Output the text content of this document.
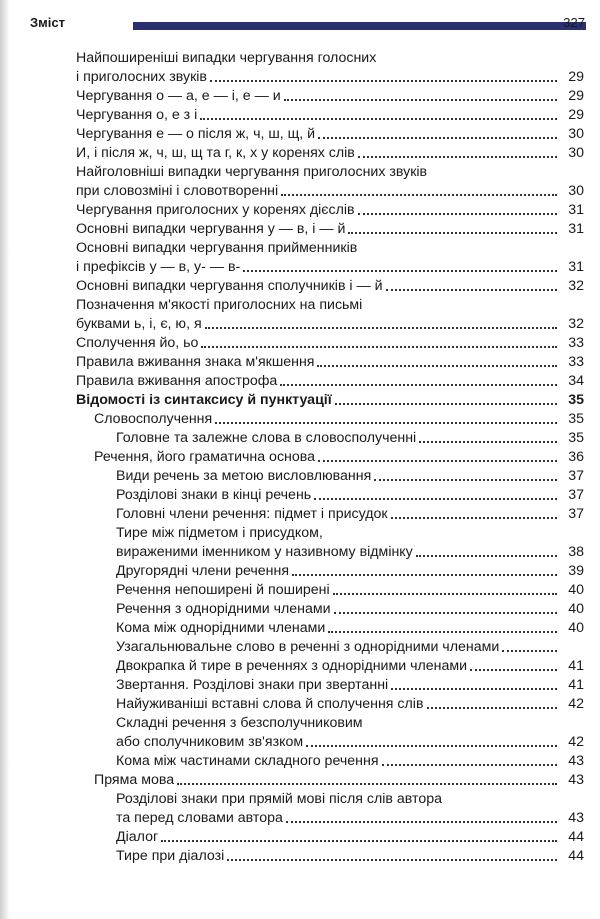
Зміст	327
Найпоширеніші випадки чергування голосних
і приголосних звуків	29
Чергування о — а, е — і, е — и	29
Чергування о, е з і	29
Чергування е — о після ж, ч, ш, щ, й	30
И, і після ж, ч, ш, щ та г, к, х у коренях слів	30
Найголовніші випадки чергування приголосних звуків
при словозміні і словотворенні	30
Чергування приголосних у коренях дієслів	31
Основні випадки чергування у — в, і — й	31
Основні випадки чергування прийменників
і префіксів у — в, у- — в-	31
Основні випадки чергування сполучників і — й	32
Позначення м'якості приголосних на письмі
буквами ь, і, є, ю, я	32
Сполучення йо, ьо	33
Правила вживання знака м'якшення	33
Правила вживання апострофа	34
Відомості із синтаксису й пунктуації	35
Словосполучення	35
Головне та залежне слова в словосполученні	35
Речення, його граматична основа	36
Види речень за метою висловлювання	37
Розділові знаки в кінці речень	37
Головні члени речення: підмет і присудок	37
Тире між підметом і присудком,
вираженими іменником у називному відмінку	38
Другорядні члени речення	39
Речення непоширені й поширені	40
Речення з однорідними членами	40
Кома між однорідними членами	40
Узагальнювальне слово в реченні з однорідними членами
Двокрапка й тире в реченнях з однорідними членами	41
Звертання. Розділові знаки при звертанні	41
Найуживаніші вставні слова й сполучення слів	42
Складні речення з безсполучниковим
або сполучниковим зв'язком	42
Кома між частинами складного речення	43
Пряма мова	43
Розділові знаки при прямій мові після слів автора
та перед словами автора	43
Діалог	44
Тире при діалозі	44
